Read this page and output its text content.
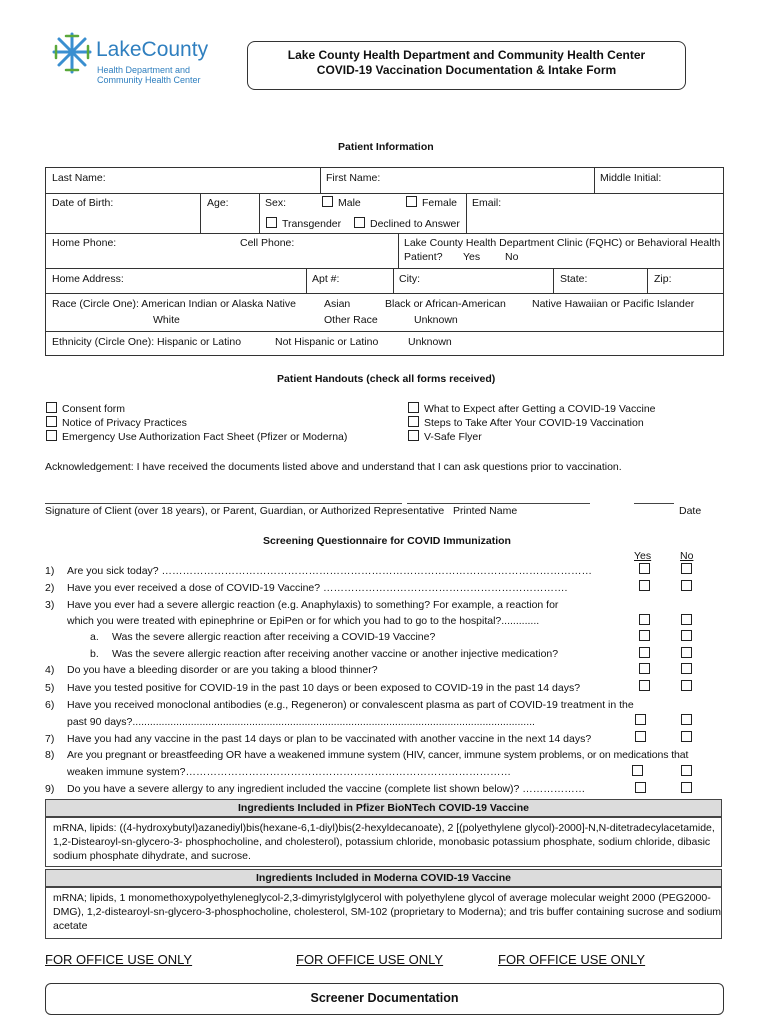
LakeCounty
Health Department and
Community Health Center
Lake County Health Department and Community Health Center
COVID-19 Vaccination Documentation & Intake Form
Patient Information
Last Name:	First Name:	Middle Initial:
Date of Birth:	Age:	Sex:	Male	Female Email:
Transgender	Declined to Answer
Home Phone:	Cell Phone:	Lake County Health Department Clinic (FQHC) or Behavioral Health
Patient? Yes No
Home Address:	Apt #:	City:	State:	Zip:
Race (Circle One): American Indian or Alaska Native	Asian	Black or African-American Native Hawaiian or Pacific Islander
White	Other Race	Unknown
Ethnicity (Circle One): Hispanic or Latino	Not Hispanic or Latino	Unknown
Patient Handouts (check all forms received)
Consent form
Notice of Privacy Practices
Emergency Use Authorization Fact Sheet (Pfizer or Moderna)
What to Expect after Getting a COVID-19 Vaccine
Steps to Take After Your COVID-19 Vaccination
V-Safe Flyer
Acknowledgement: I have received the documents listed above and understand that I can ask questions prior to vaccination.
Signature of Client (over 18 years), or Parent, Guardian, or Authorized Representative Printed Name	Date
Screening Questionnaire for COVID Immunization
Yes	No
1) Are you sick today? ……………………………………………………………………………………………………………
2) Have you ever received a dose of COVID-19 Vaccine? …………………………………………………………….
3) Have you ever had a severe allergic reaction (e.g. Anaphylaxis) to something? For example, a reaction for
which you were treated with epinephrine or EpiPen or for which you had to go to the hospital?.............
a. Was the severe allergic reaction after receiving a COVID-19 Vaccine?
b. Was the severe allergic reaction after receiving another vaccine or another injective medication?
4) Do you have a bleeding disorder or are you taking a blood thinner?
5) Have you tested positive for COVID-19 in the past 10 days or been exposed to COVID-19 in the past 14 days?
6) Have you received monoclonal antibodies (e.g., Regeneron) or convalescent plasma as part of COVID-19 treatment in the
past 90 days?..........................................................................................................................................
7) Have you had any vaccine in the past 14 days or plan to be vaccinated with another vaccine in the next 14 days?
8) Are you pregnant or breastfeeding OR have a weakened immune system (HIV, cancer, immune system problems, or on medications that
weaken immune system?…………………………………………………………………………………
9) Do you have a severe allergy to any ingredient included the vaccine (complete list shown below)? ………………
Ingredients Included in Pfizer BioNTech COVID-19 Vaccine
mRNA, lipids: ((4-hydroxybutyl)azanediyl)bis(hexane-6,1-diyl)bis(2-hexyldecanoate), 2 [(polyethylene glycol)-2000]-N,N-ditetradecylacetamide,
1,2-Distearoyl-sn-glycero-3- phosphocholine, and cholesterol), potassium chloride, monobasic potassium phosphate, sodium chloride, dibasic
sodium phosphate dihydrate, and sucrose.
Ingredients Included in Moderna COVID-19 Vaccine
mRNA; lipids, 1 monomethoxypolyethyleneglycol-2,3-dimyristylglycerol with polyethylene glycol of average molecular weight 2000 (PEG2000-
DMG), 1,2-distearoyl-sn-glycero-3-phosphocholine, cholesterol, SM-102 (proprietary to Moderna); and tris buffer containing sucrose and sodium
acetate
FOR OFFICE USE ONLY	FOR OFFICE USE ONLY	FOR OFFICE USE ONLY
Screener Documentation
